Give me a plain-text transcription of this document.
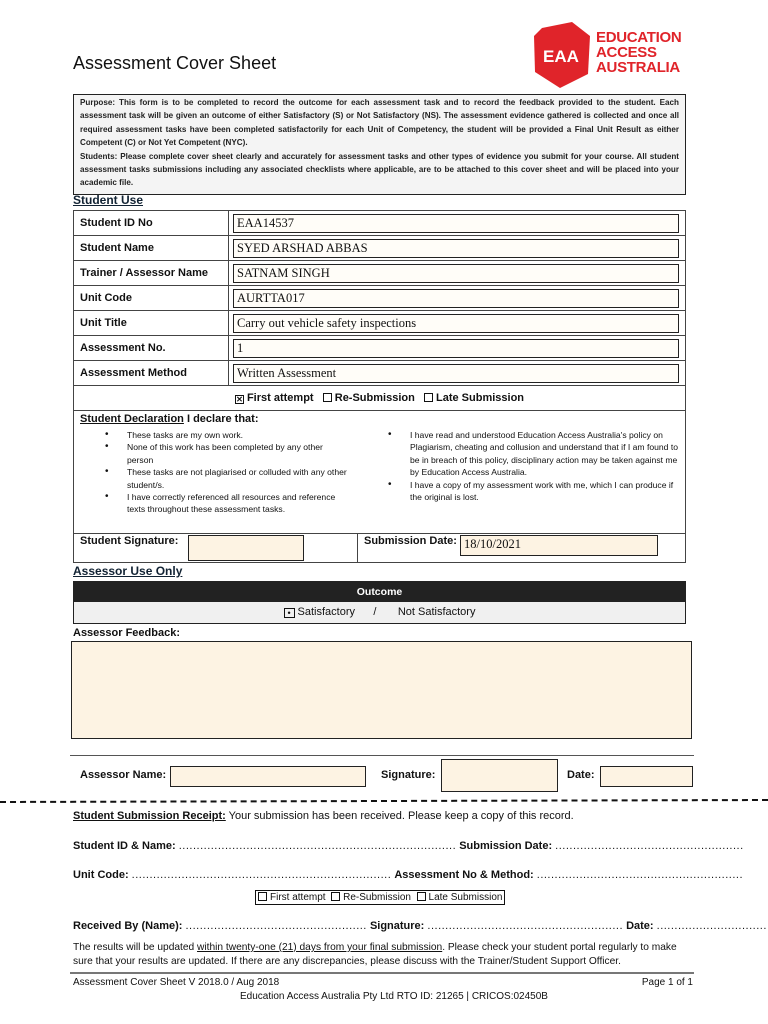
Assessment Cover Sheet	EAA
EDUCATION
ACCESS
AUSTRALIA
Purpose: This form is to be completed to record the outcome for each assessment task and to record the feedback provided to the student. Each assessment task will be given an outcome of either Satisfactory (S) or Not Satisfactory (NS). The assessment evidence gathered is collected and once all required assessment tasks have been completed satisfactorily for each Unit of Competency, the student will be provided a Final Unit Result as either Competent (C) or Not Yet Competent (NYC).
Students: Please complete cover sheet clearly and accurately for assessment tasks and other types of evidence you submit for your course. All student assessment tasks submissions including any associated checklists where applicable, are to be attached to this cover sheet and will be placed into your academic file.
Student Use
Student ID No	EAA14537

Student Name	SYED ARSHAD ABBAS

Trainer / Assessor Name	SATNAM SINGH

Unit Code	AURTTA017

Unit Title	Carry out vehicle safety inspections

Assessment No.	1

Assessment Method	Written Assessment

✕ First attempt Re-Submission Late Submission	
Student Declaration I declare that:
• These tasks are my own work.
• None of this work has been completed by any other person
• These tasks are not plagiarised or colluded with any other student/s.
• I have correctly referenced all resources and reference texts throughout these assessment tasks.
• I have read and understood Education Access Australia's policy on Plagiarism, cheating and collusion and understand that if I am found to be in breach of this policy, disciplinary action may be taken against me by Education Access Australia.
• I have a copy of my assessment work with me, which I can produce if the original is lost.
Student Signature:	Submission Date: 18/10/2021
Assessor Use Only
Outcome
• Satisfactory / Not Satisfactory
Assessor Feedback:
Assessor Name:	Signature:	Date:
Student Submission Receipt: Your submission has been received. Please keep a copy of this record.
Student ID & Name: .............................................................................. Submission Date: .....................................................
Unit Code: ......................................................................... Assessment No & Method: ..........................................................
First attempt Re-Submission Late Submission
Received By (Name): ................................................... Signature: ....................................................... Date: ...............................
The results will be updated within twenty-one (21) days from your final submission. Please check your student portal regularly to make sure that your results are updated. If there are any discrepancies, please discuss with the Trainer/Student Support Officer.
Assessment Cover Sheet V 2018.0 / Aug 2018	Page 1 of 1
Education Access Australia Pty Ltd RTO ID: 21265 | CRICOS:02450B
